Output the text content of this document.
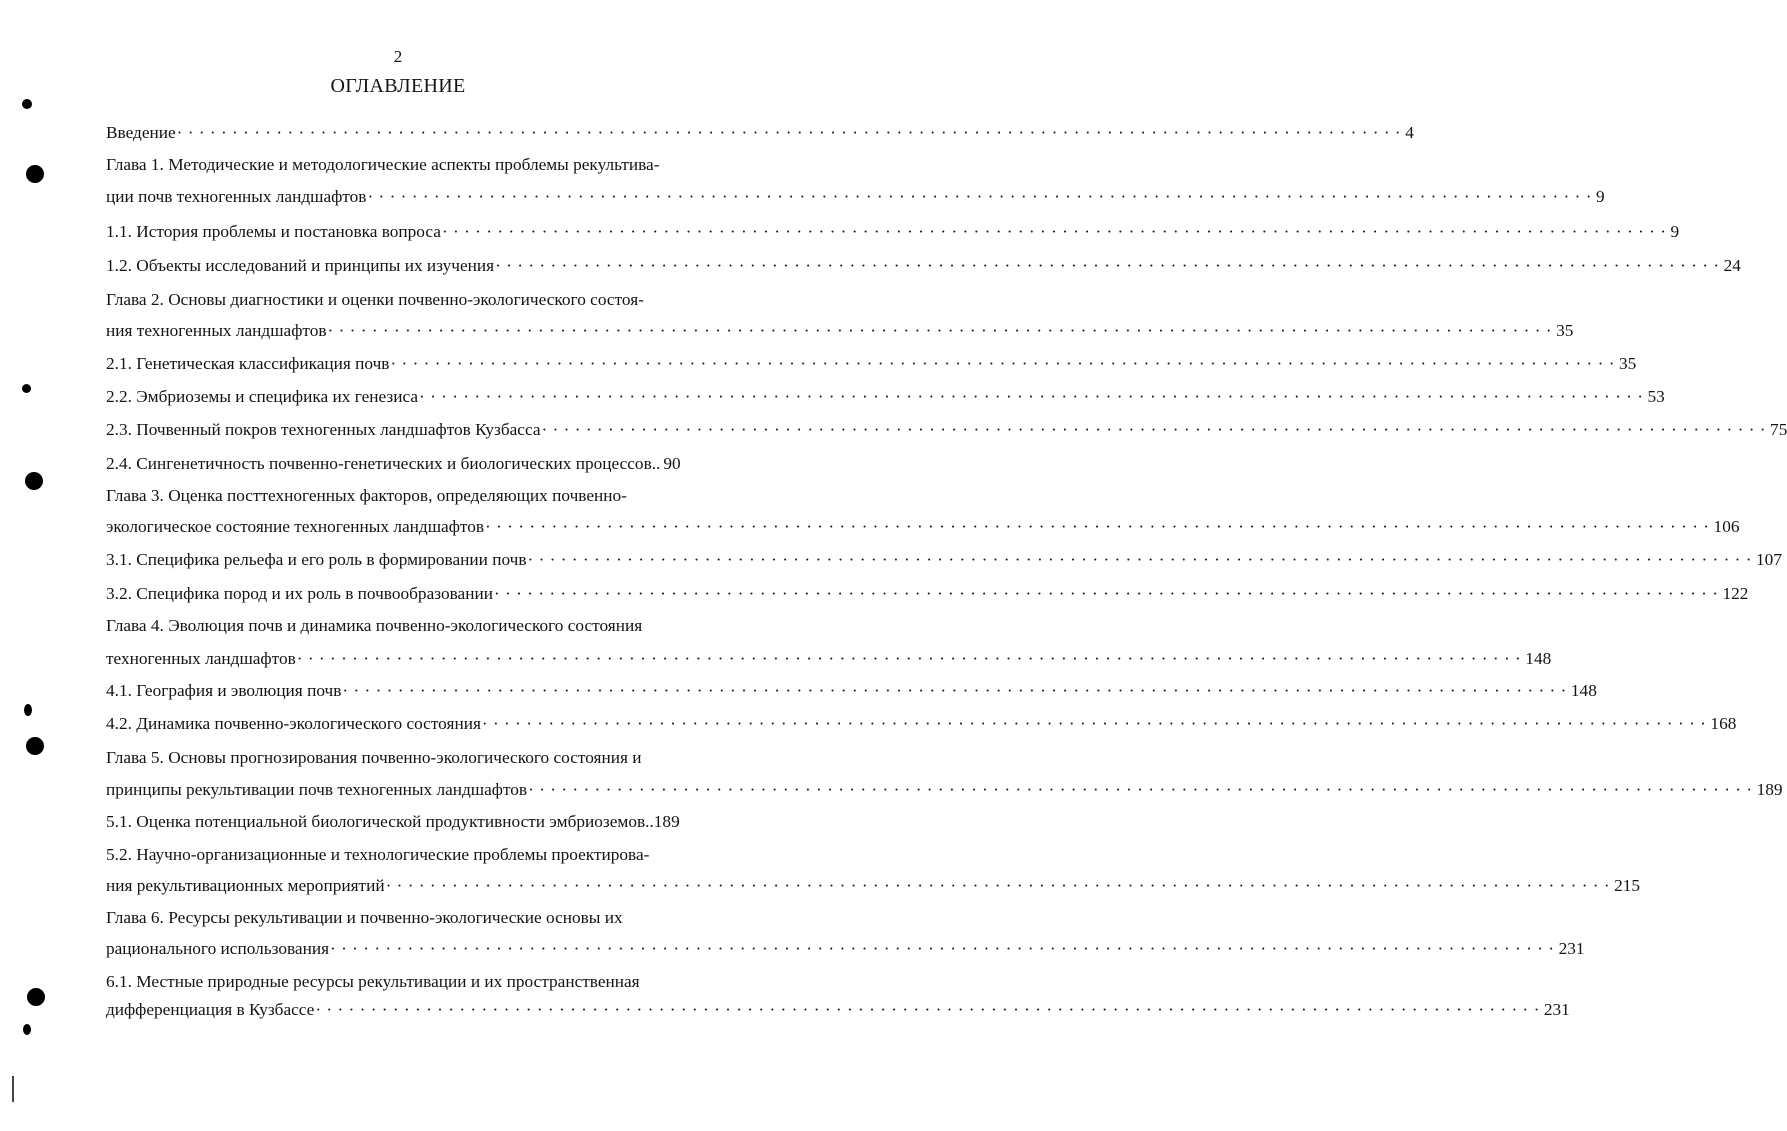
2
ОГЛАВЛЕНИЕ
Введение · · · · · · · · · · · · · · · · · · · · · · · · · · · · · · · · · · · · · · · · · · · · · · · · · · · · · · · · · · · · · · · · · · · · · · · · · · · · · · · · · · · · · · · · · · · · · · · · · · · · · · · · · · · · · · · 4
Глава 1. Методические и методологические аспекты проблемы рекультива-
ции почв техногенных ландшафтов · · · · · · · · · · · · · · · · · · · · · · · · · · · · · · · · · · · · · · · · · · · · · · · · · · · · · · · · · · · · · · · · · · · · · · · · · · · · · · · · · · · · · · · · · · · · · · · · · · · · · · · · · · · · · · · 9
1.1. История проблемы и постановка вопроса · · · · · · · · · · · · · · · · · · · · · · · · · · · · · · · · · · · · · · · · · · · · · · · · · · · · · · · · · · · · · · · · · · · · · · · · · · · · · · · · · · · · · · · · · · · · · · · · · · · · · · · · · · · · · · · 9
1.2. Объекты исследований и принципы их изучения · · · · · · · · · · · · · · · · · · · · · · · · · · · · · · · · · · · · · · · · · · · · · · · · · · · · · · · · · · · · · · · · · · · · · · · · · · · · · · · · · · · · · · · · · · · · · · · · · · · · · · · · · · · · · · · 24
Глава 2. Основы диагностики и оценки почвенно-экологического состоя-
ния техногенных ландшафтов · · · · · · · · · · · · · · · · · · · · · · · · · · · · · · · · · · · · · · · · · · · · · · · · · · · · · · · · · · · · · · · · · · · · · · · · · · · · · · · · · · · · · · · · · · · · · · · · · · · · · · · · · · · · · · · 35
2.1. Генетическая классификация почв · · · · · · · · · · · · · · · · · · · · · · · · · · · · · · · · · · · · · · · · · · · · · · · · · · · · · · · · · · · · · · · · · · · · · · · · · · · · · · · · · · · · · · · · · · · · · · · · · · · · · · · · · · · · · · · 35
2.2. Эмбриоземы и специфика их генезиса · · · · · · · · · · · · · · · · · · · · · · · · · · · · · · · · · · · · · · · · · · · · · · · · · · · · · · · · · · · · · · · · · · · · · · · · · · · · · · · · · · · · · · · · · · · · · · · · · · · · · · · · · · · · · · · 53
2.3. Почвенный покров техногенных ландшафтов Кузбасса · · · · · · · · · · · · · · · · · · · · · · · · · · · · · · · · · · · · · · · · · · · · · · · · · · · · · · · · · · · · · · · · · · · · · · · · · · · · · · · · · · · · · · · · · · · · · · · · · · · · · · · · · · · · · · · 75
2.4. Сингенетичность почвенно-генетических и биологических процессов.. 90
Глава 3. Оценка посттехногенных факторов, определяющих почвенно-
экологическое состояние техногенных ландшафтов · · · · · · · · · · · · · · · · · · · · · · · · · · · · · · · · · · · · · · · · · · · · · · · · · · · · · · · · · · · · · · · · · · · · · · · · · · · · · · · · · · · · · · · · · · · · · · · · · · · · · · · · · · · · · · · 106
3.1. Специфика рельефа и его роль в формировании почв · · · · · · · · · · · · · · · · · · · · · · · · · · · · · · · · · · · · · · · · · · · · · · · · · · · · · · · · · · · · · · · · · · · · · · · · · · · · · · · · · · · · · · · · · · · · · · · · · · · · · · · · · · · · · · · 107
3.2. Специфика пород и их роль в почвообразовании · · · · · · · · · · · · · · · · · · · · · · · · · · · · · · · · · · · · · · · · · · · · · · · · · · · · · · · · · · · · · · · · · · · · · · · · · · · · · · · · · · · · · · · · · · · · · · · · · · · · · · · · · · · · · · · 122
Глава 4. Эволюция почв и динамика почвенно-экологического состояния
техногенных ландшафтов · · · · · · · · · · · · · · · · · · · · · · · · · · · · · · · · · · · · · · · · · · · · · · · · · · · · · · · · · · · · · · · · · · · · · · · · · · · · · · · · · · · · · · · · · · · · · · · · · · · · · · · · · · · · · · · 148
4.1. География и эволюция почв · · · · · · · · · · · · · · · · · · · · · · · · · · · · · · · · · · · · · · · · · · · · · · · · · · · · · · · · · · · · · · · · · · · · · · · · · · · · · · · · · · · · · · · · · · · · · · · · · · · · · · · · · · · · · · · 148
4.2. Динамика почвенно-экологического состояния · · · · · · · · · · · · · · · · · · · · · · · · · · · · · · · · · · · · · · · · · · · · · · · · · · · · · · · · · · · · · · · · · · · · · · · · · · · · · · · · · · · · · · · · · · · · · · · · · · · · · · · · · · · · · · · 168
Глава 5. Основы прогнозирования почвенно-экологического состояния и
принципы рекультивации почв техногенных ландшафтов · · · · · · · · · · · · · · · · · · · · · · · · · · · · · · · · · · · · · · · · · · · · · · · · · · · · · · · · · · · · · · · · · · · · · · · · · · · · · · · · · · · · · · · · · · · · · · · · · · · · · · · · · · · · · · · 189
5.1. Оценка потенциальной биологической продуктивности эмбриоземов.. 189
5.2. Научно-организационные и технологические проблемы проектирова-
ния рекультивационных мероприятий · · · · · · · · · · · · · · · · · · · · · · · · · · · · · · · · · · · · · · · · · · · · · · · · · · · · · · · · · · · · · · · · · · · · · · · · · · · · · · · · · · · · · · · · · · · · · · · · · · · · · · · · · · · · · · · 215
Глава 6. Ресурсы рекультивации и почвенно-экологические основы их
рационального использования · · · · · · · · · · · · · · · · · · · · · · · · · · · · · · · · · · · · · · · · · · · · · · · · · · · · · · · · · · · · · · · · · · · · · · · · · · · · · · · · · · · · · · · · · · · · · · · · · · · · · · · · · · · · · · · 231
6.1. Местные природные ресурсы рекультивации и их пространственная
дифференциация в Кузбассе · · · · · · · · · · · · · · · · · · · · · · · · · · · · · · · · · · · · · · · · · · · · · · · · · · · · · · · · · · · · · · · · · · · · · · · · · · · · · · · · · · · · · · · · · · · · · · · · · · · · · · · · · · · · · · · 231
